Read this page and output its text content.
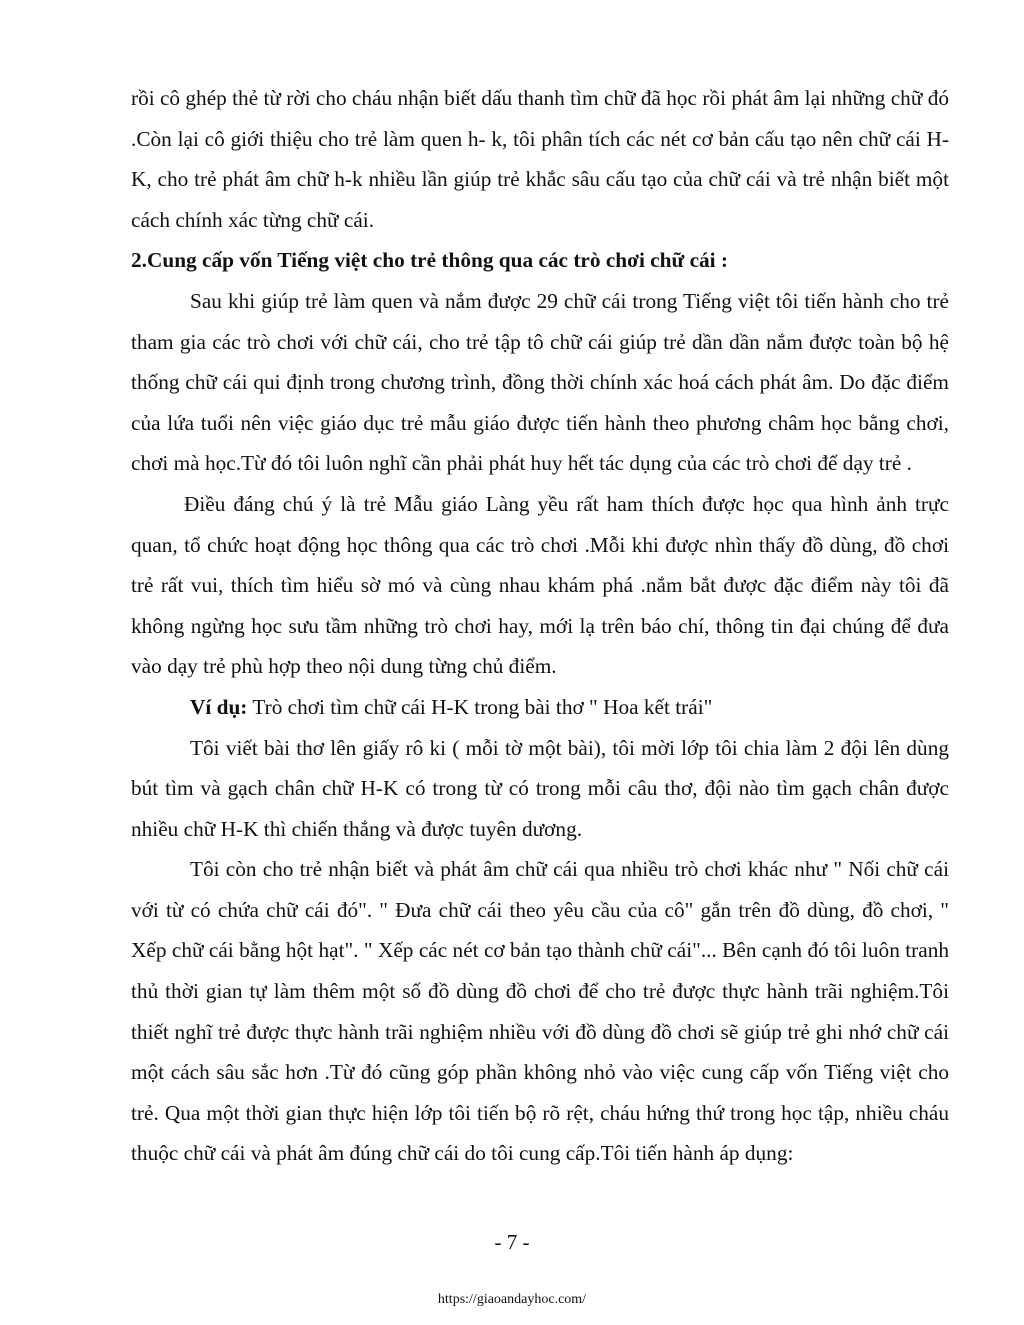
rồi cô ghép thẻ từ rời cho cháu nhận biết dấu thanh tìm chữ đã học rồi phát âm lại những chữ đó .Còn lại cô giới thiệu cho trẻ làm quen h- k, tôi phân tích các nét cơ bản cấu tạo nên chữ cái H-K, cho trẻ phát âm chữ h-k nhiều lần giúp trẻ khắc sâu cấu tạo của chữ cái và trẻ nhận biết một cách chính xác từng chữ cái.

2.Cung cấp vốn Tiếng việt cho trẻ thông qua các trò chơi chữ cái :

Sau khi giúp trẻ làm quen và nắm được 29 chữ cái trong Tiếng việt tôi tiến hành cho trẻ tham gia các trò chơi với chữ cái, cho trẻ tập tô chữ cái giúp trẻ dần dần nắm được toàn bộ hệ thống chữ cái qui định trong chương trình, đồng thời chính xác hoá cách phát âm. Do đặc điểm của lứa tuổi nên việc giáo dục trẻ mẫu giáo được tiến hành theo phương châm học bằng chơi, chơi mà học.Từ đó tôi luôn nghĩ cần phải phát huy hết tác dụng của các trò chơi để dạy trẻ .

Điều đáng chú ý là trẻ Mẫu giáo Làng yều rất ham thích được học qua hình ảnh trực quan, tổ chức hoạt động học thông qua các trò chơi .Mỗi khi được nhìn thấy đồ dùng, đồ chơi trẻ rất vui, thích tìm hiểu sờ mó và cùng nhau khám phá .nắm bắt được đặc điểm này tôi đã không ngừng học sưu tầm những trò chơi hay, mới lạ trên báo chí, thông tin đại chúng để đưa vào dạy trẻ phù hợp theo nội dung từng chủ điểm.

Ví dụ: Trò chơi tìm chữ cái H-K trong bài thơ " Hoa kết trái"

Tôi viết bài thơ lên giấy rô ki ( mỗi tờ một bài), tôi mời lớp tôi chia làm 2 đội lên dùng bút tìm và gạch chân chữ H-K có trong từ có trong mỗi câu thơ, đội nào tìm gạch chân được nhiều chữ H-K thì chiến thắng và được tuyên dương.

Tôi còn cho trẻ nhận biết và phát âm chữ cái qua nhiều trò chơi khác như " Nối chữ cái với từ có chứa chữ cái đó". " Đưa chữ cái theo yêu cầu của cô" gắn trên đồ dùng, đồ chơi, " Xếp chữ cái bằng hột hạt". " Xếp các nét cơ bản tạo thành chữ cái"... Bên cạnh đó tôi luôn tranh thủ thời gian tự làm thêm một số đồ dùng đồ chơi để cho trẻ được thực hành trãi nghiệm.Tôi thiết nghĩ trẻ được thực hành trãi nghiệm nhiều với đồ dùng đồ chơi sẽ giúp trẻ ghi nhớ chữ cái một cách sâu sắc hơn .Từ đó cũng góp phần không nhỏ vào việc cung cấp vốn Tiếng việt cho trẻ. Qua một thời gian thực hiện lớp tôi tiến bộ rõ rệt, cháu hứng thứ trong học tập, nhiều cháu thuộc chữ cái và phát âm đúng chữ cái do tôi cung cấp.Tôi tiến hành áp dụng:

- 7 -
https://giaoandayhoc.com/
